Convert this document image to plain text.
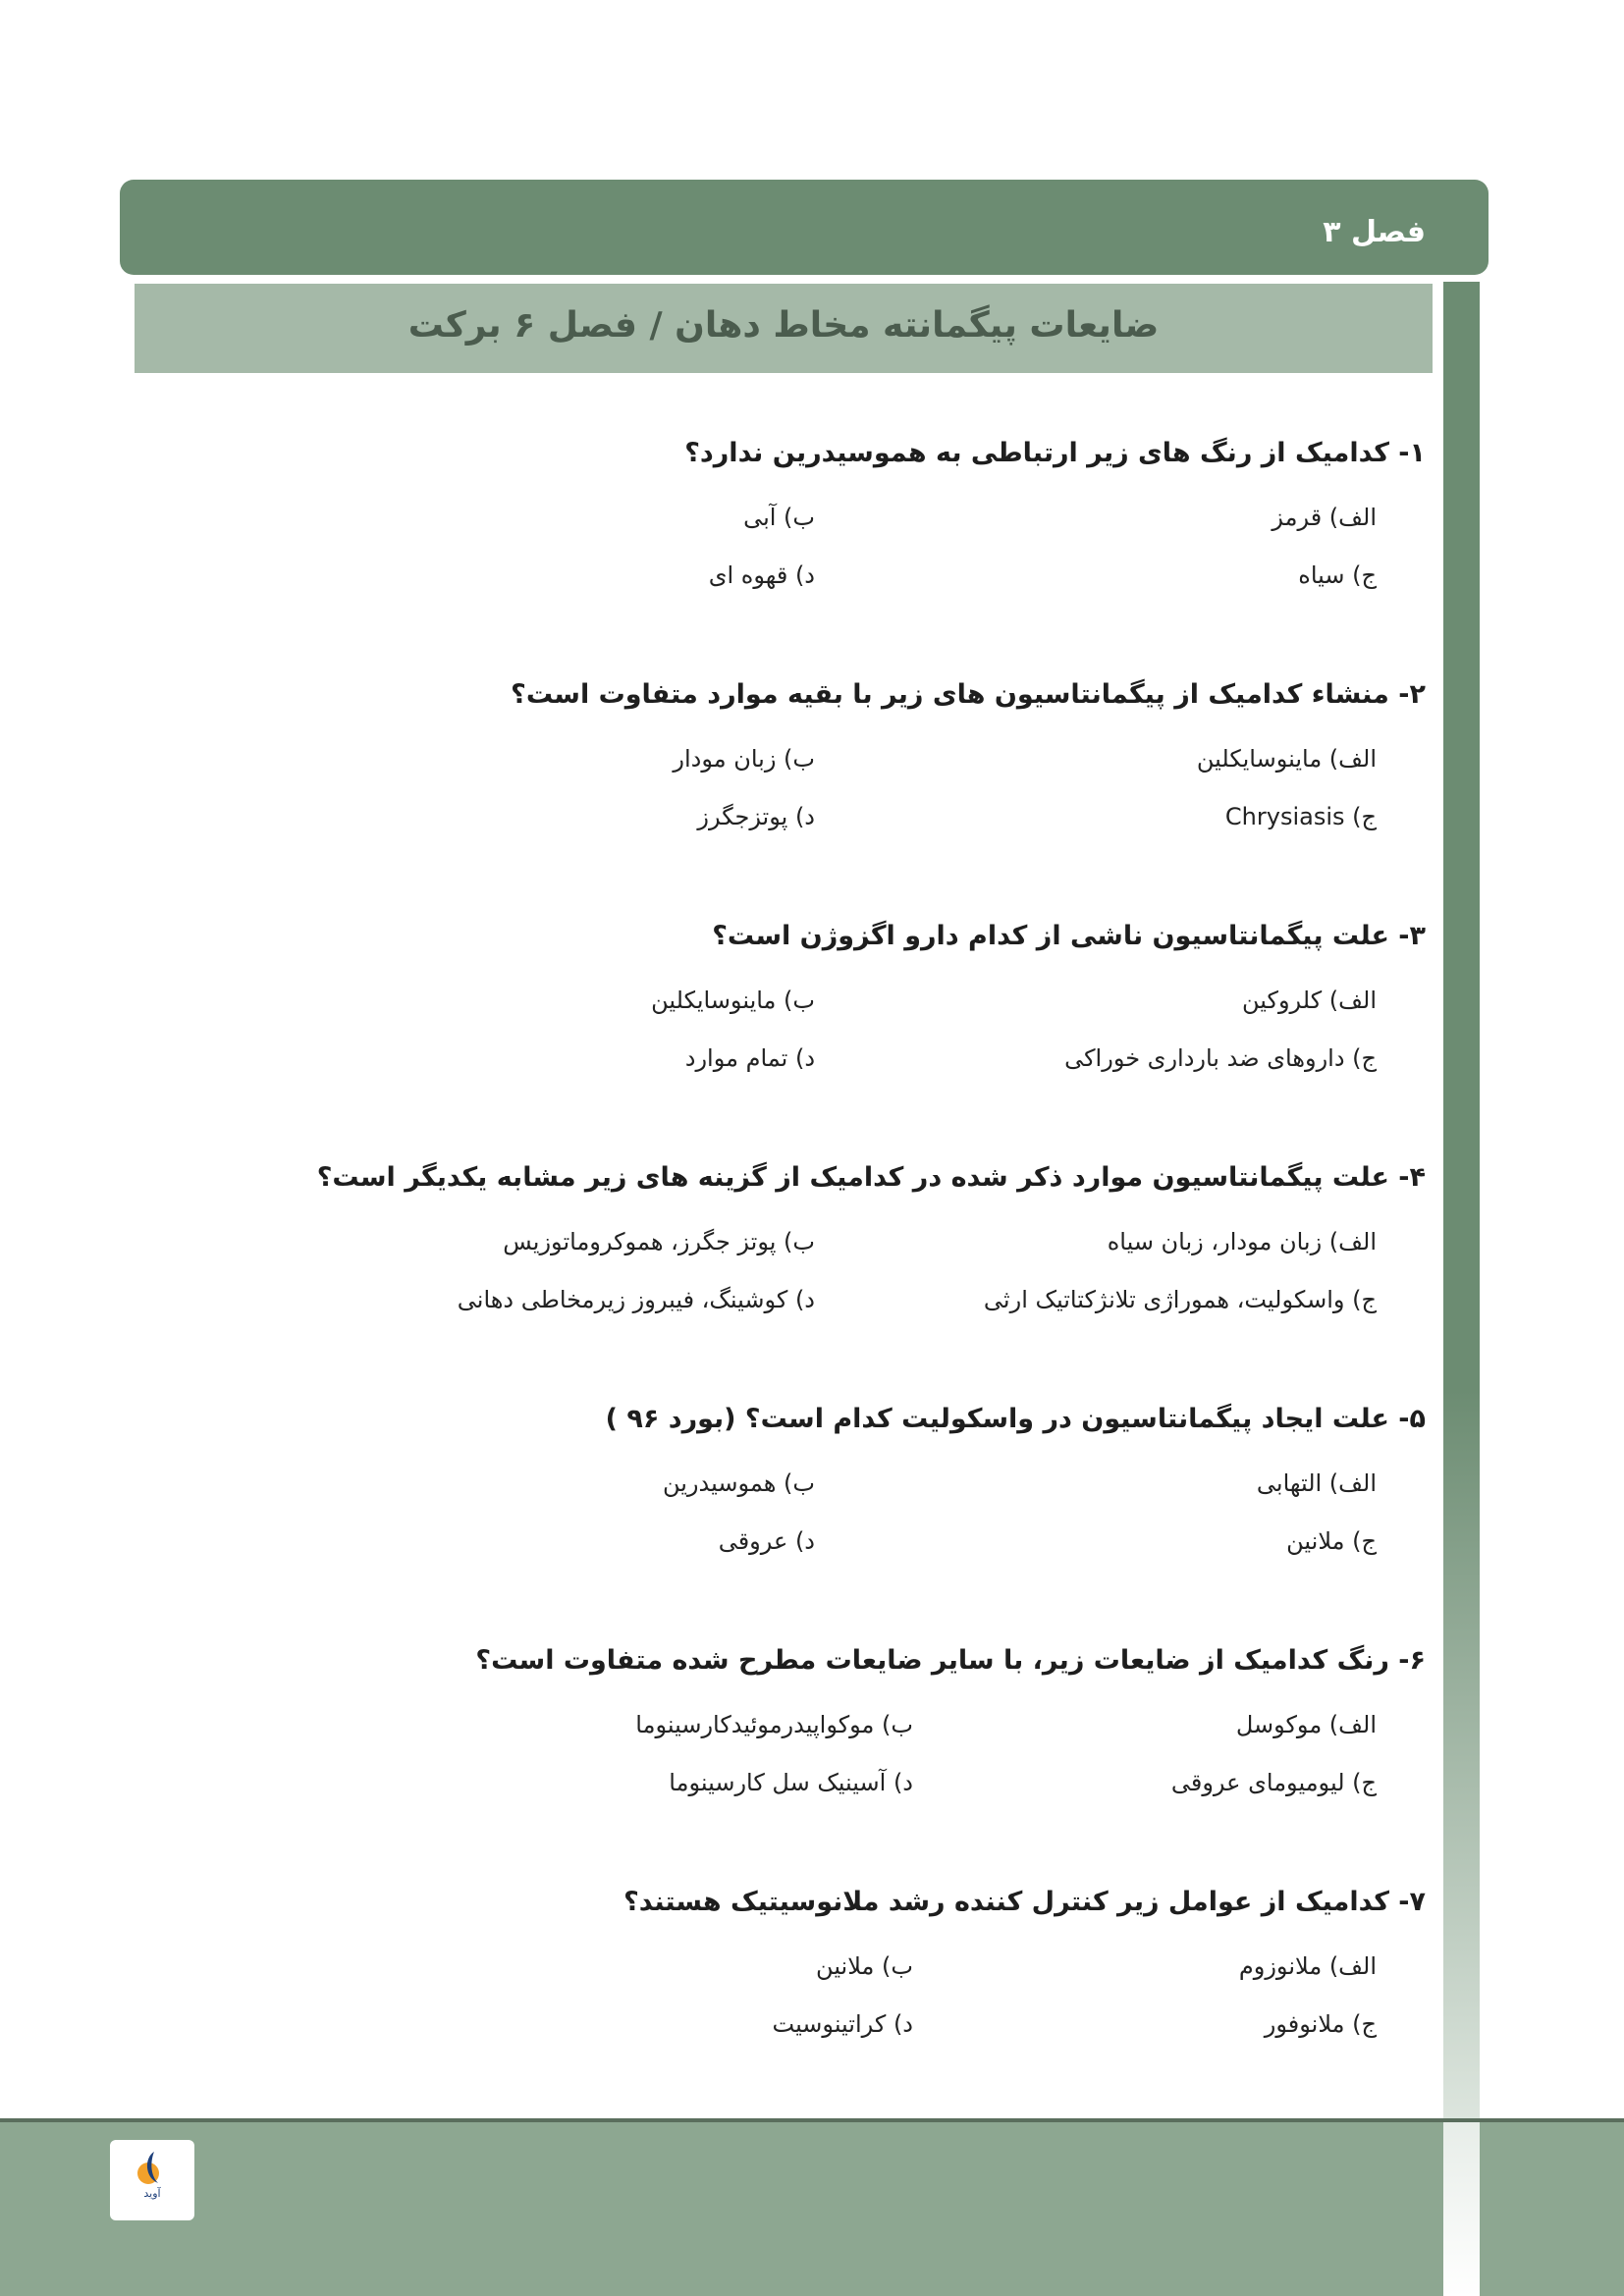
فصل ۳
ضایعات پیگمانته مخاط دهان / فصل ۶ برکت
۱- کدامیک از رنگ های زیر ارتباطی به هموسیدرین ندارد؟
الف) قرمز
ب) آبی
ج) سیاه
د) قهوه ای
۲- منشاء کدامیک از پیگمانتاسیون های زیر با بقیه موارد متفاوت است؟
الف) ماینوسایکلین
ب) زبان مودار
ج) Chrysiasis
د) پوتزجگرز
۳- علت پیگمانتاسیون ناشی از کدام دارو اگزوژن است؟
الف) کلروکین
ب) ماینوسایکلین
ج) داروهای ضد بارداری خوراکی
د) تمام موارد
۴- علت پیگمانتاسیون موارد ذکر شده در کدامیک از گزینه های زیر مشابه یکدیگر است؟
الف) زبان مودار، زبان سیاه
ب) پوتز جگرز، هموکروماتوزیس
ج) واسکولیت، هموراژی تلانژکتاتیک ارثی
د) کوشینگ، فیبروز زیرمخاطی دهانی
۵- علت ایجاد پیگمانتاسیون در واسکولیت کدام است؟ (بورد ۹۶ )
الف) التهابی
ب) هموسیدرین
ج) ملانین
د) عروقی
۶- رنگ کدامیک از ضایعات زیر، با سایر ضایعات مطرح شده متفاوت است؟
الف) موکوسل
ب) موکواپیدرموئیدکارسینوما
ج) لیومیومای عروقی
د) آسینیک سل کارسینوما
۷- کدامیک از عوامل زیر کنترل کننده رشد ملانوسیتیک هستند؟
الف) ملانوزوم
ب) ملانین
ج) ملانوفور
د) کراتینوسیت
آوید
